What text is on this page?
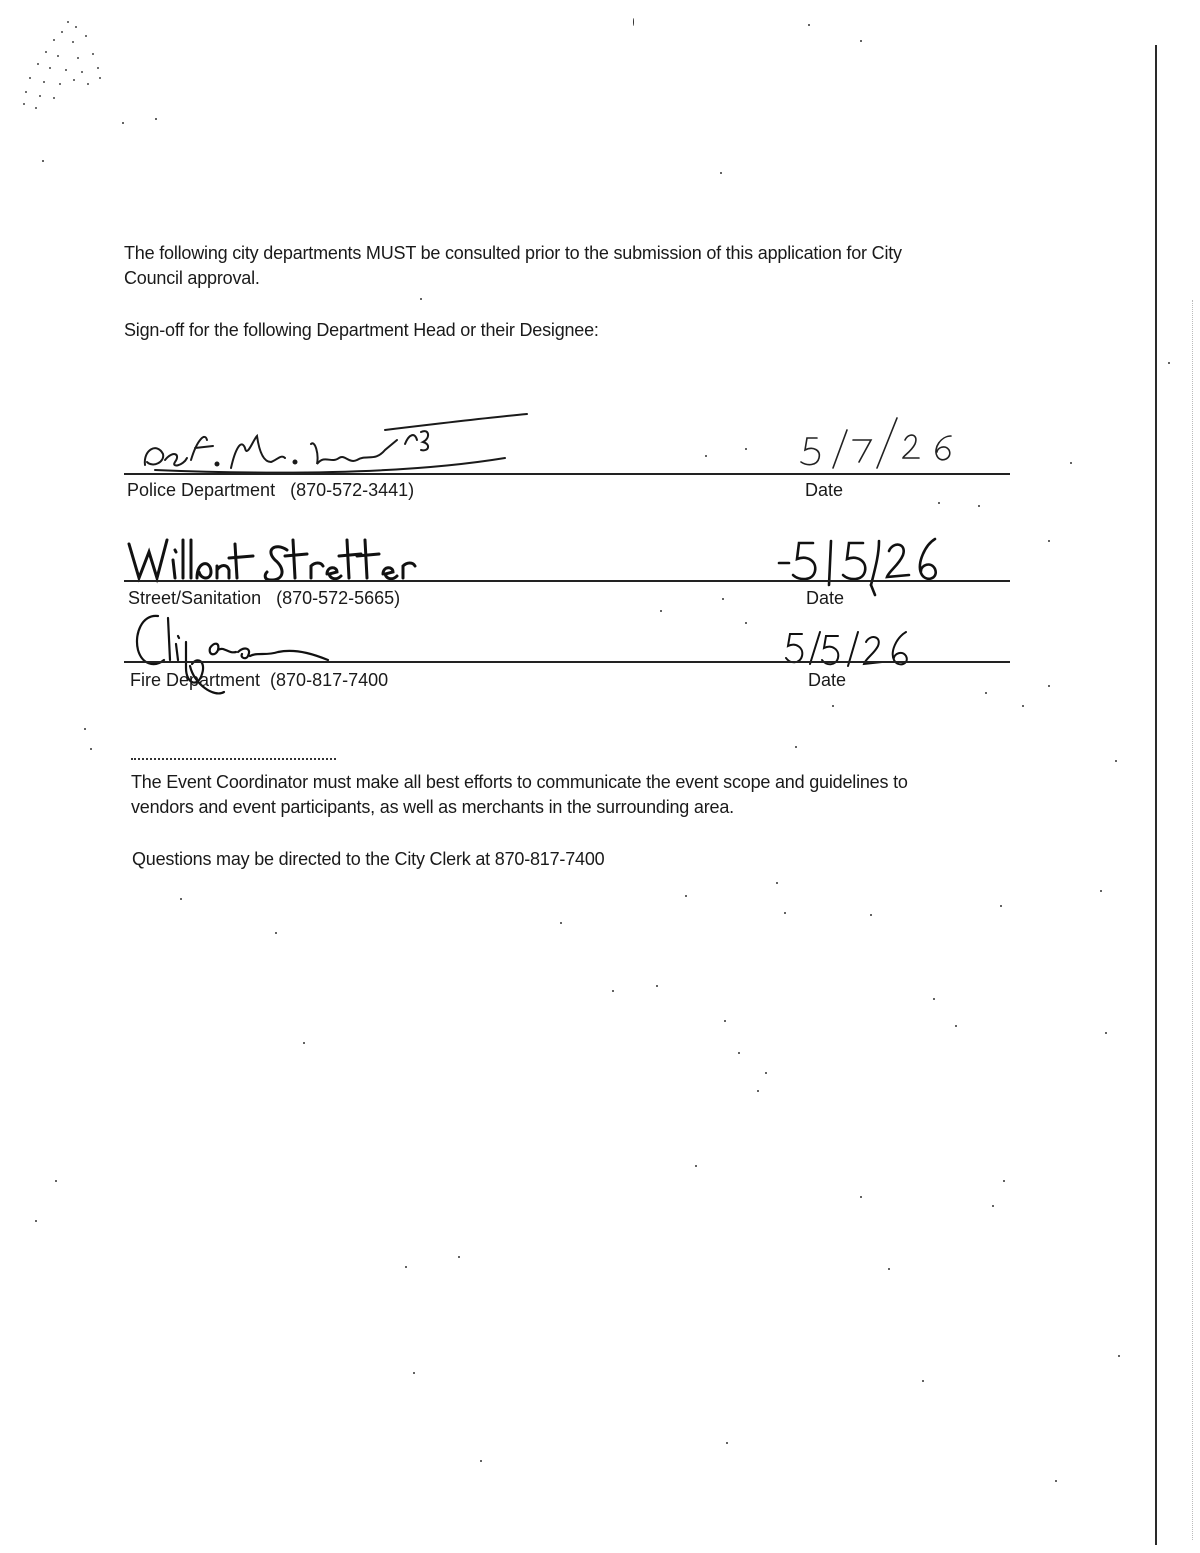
The following city departments MUST be consulted prior to the submission of this application for City
Council approval.
Sign-off for the following Department Head or their Designee:
Police Department   (870-572-3441)	Date
Street/Sanitation   (870-572-5665)	Date
Fire Department  (870-817-7400	Date
The Event Coordinator must make all best efforts to communicate the event scope and guidelines to
vendors and event participants, as well as merchants in the surrounding area.
Questions may be directed to the City Clerk at 870-817-7400
